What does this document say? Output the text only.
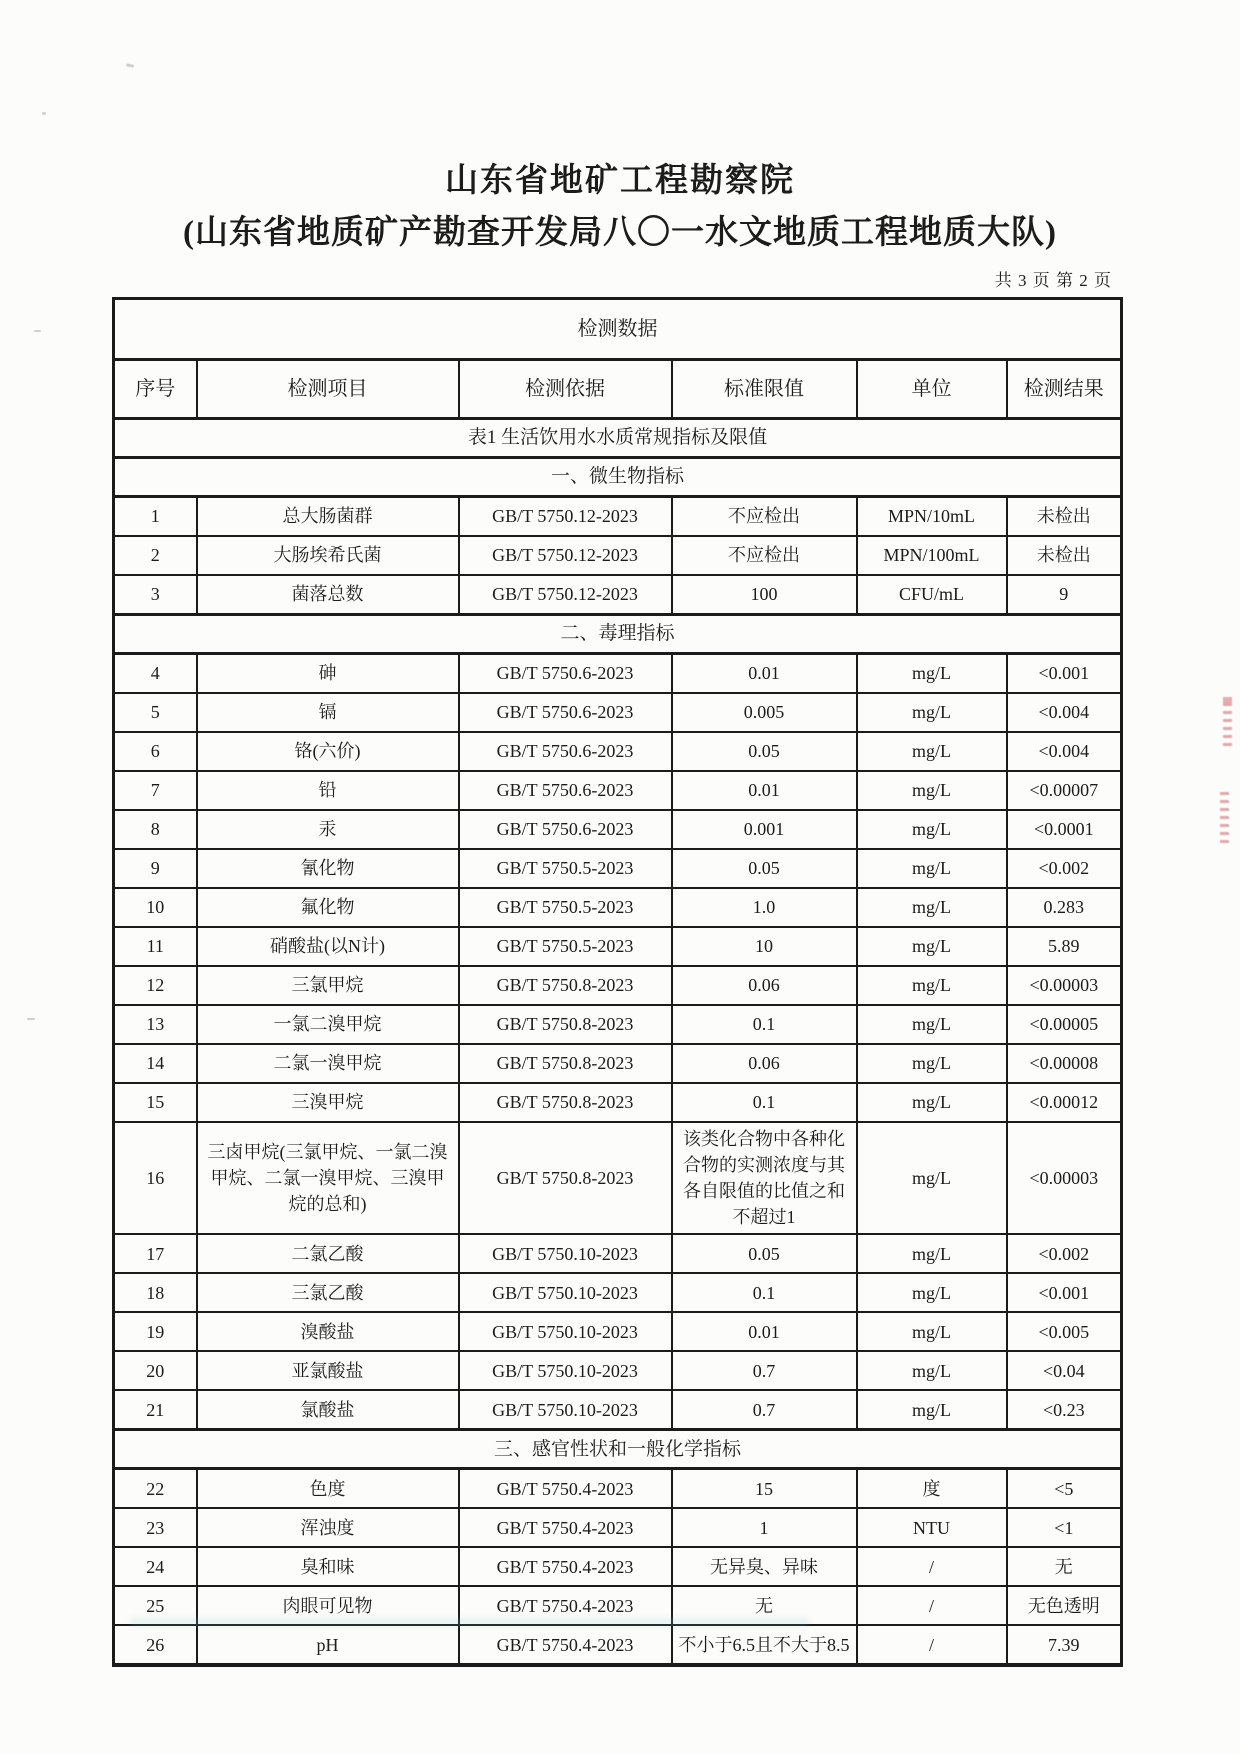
山东省地矿工程勘察院
(山东省地质矿产勘查开发局八〇一水文地质工程地质大队)
共 3 页 第 2 页
检测数据					
序号	检测项目	检测依据	标准限值	单位	检测结果
表1 生活饮用水水质常规指标及限值					
一、微生物指标					
1	总大肠菌群	GB/T 5750.12-2023	不应检出	MPN/10mL	未检出
2	大肠埃希氏菌	GB/T 5750.12-2023	不应检出	MPN/100mL	未检出
3	菌落总数	GB/T 5750.12-2023	100	CFU/mL	9
二、毒理指标					
4	砷	GB/T 5750.6-2023	0.01	mg/L	<0.001
5	镉	GB/T 5750.6-2023	0.005	mg/L	<0.004
6	铬(六价)	GB/T 5750.6-2023	0.05	mg/L	<0.004
7	铅	GB/T 5750.6-2023	0.01	mg/L	<0.00007
8	汞	GB/T 5750.6-2023	0.001	mg/L	<0.0001
9	氰化物	GB/T 5750.5-2023	0.05	mg/L	<0.002
10	氟化物	GB/T 5750.5-2023	1.0	mg/L	0.283
11	硝酸盐(以N计)	GB/T 5750.5-2023	10	mg/L	5.89
12	三氯甲烷	GB/T 5750.8-2023	0.06	mg/L	<0.00003
13	一氯二溴甲烷	GB/T 5750.8-2023	0.1	mg/L	<0.00005
14	二氯一溴甲烷	GB/T 5750.8-2023	0.06	mg/L	<0.00008
15	三溴甲烷	GB/T 5750.8-2023	0.1	mg/L	<0.00012
16	三卤甲烷(三氯甲烷、一氯二溴甲烷、二氯一溴甲烷、三溴甲烷的总和)	GB/T 5750.8-2023	该类化合物中各种化合物的实测浓度与其各自限值的比值之和不超过1	mg/L	<0.00003
17	二氯乙酸	GB/T 5750.10-2023	0.05	mg/L	<0.002
18	三氯乙酸	GB/T 5750.10-2023	0.1	mg/L	<0.001
19	溴酸盐	GB/T 5750.10-2023	0.01	mg/L	<0.005
20	亚氯酸盐	GB/T 5750.10-2023	0.7	mg/L	<0.04
21	氯酸盐	GB/T 5750.10-2023	0.7	mg/L	<0.23
三、感官性状和一般化学指标					
22	色度	GB/T 5750.4-2023	15	度	<5
23	浑浊度	GB/T 5750.4-2023	1	NTU	<1
24	臭和味	GB/T 5750.4-2023	无异臭、异味	/	无
25	肉眼可见物	GB/T 5750.4-2023	无	/	无色透明
26	pH	GB/T 5750.4-2023	不小于6.5且不大于8.5	/	7.39
